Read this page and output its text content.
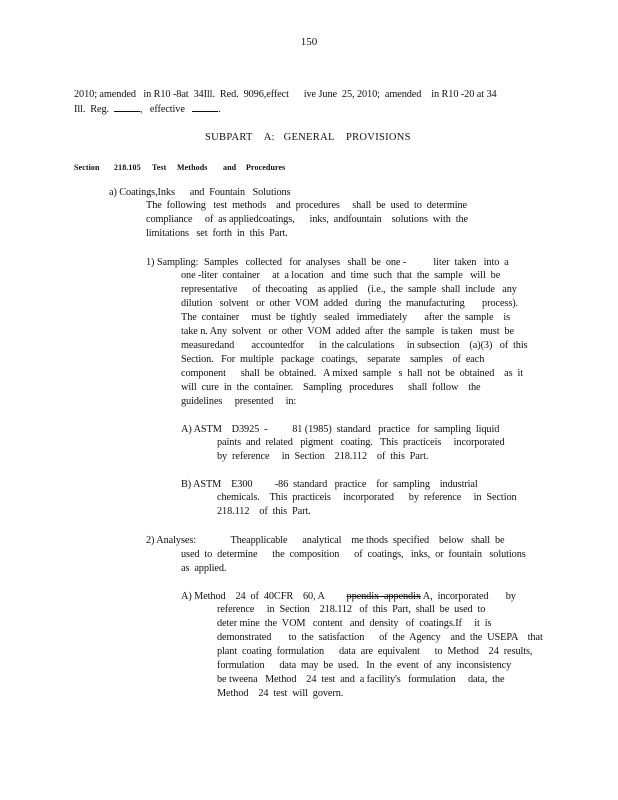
150
2010; amended   in R10 -8at  34Ill.  Red.  9096,effect      ive June  25, 2010;  amended    in R10 -20 at 34
Ill.  Reg.	,   effective	.
SUBPART    A:   GENERAL    PROVISIONS
Section 218.105 Test Methods and Procedures
a) Coatings,Inks      and  Fountain   Solutions
The  following   test  methods    and  procedures     shall  be  used  to  determine
compliance     of  as appliedcoatings,      inks,  andfountain    solutions  with  the
limitations   set  forth  in  this  Part.
1) Sampling: Samples   collected   for  analyses   shall  be  one -           liter  taken   into  a
one -liter  container     at  a location   and  time  such  that  the  sample   will  be
representative      of  thecoating    as applied    (i.e.,  the  sample  shall  include   any
dilution   solvent   or  other  VOM  added   during   the  manufacturing       process).
The  container     must  be  tightly   sealed   immediately       after  the  sample    is
take n. Any  solvent   or  other  VOM  added  after  the  sample   is taken   must  be
measuredand       accountedfor      in  the calculations     in subsection    (a)(3)   of  this
Section.   For  multiple   package   coatings,    separate    samples    of  each
component      shall  be  obtained.   A mixed  sample   s  hall  not  be  obtained    as  it
will  cure  in  the  container.    Sampling   procedures      shall  follow    the
guidelines     presented     in:
A) ASTM    D3925  -          81 (1985)  standard   practice   for  sampling  liquid
paints  and  related   pigment   coating.   This  practiceis     incorporated
by  reference     in  Section    218.112    of  this  Part.
B) ASTM    E300         -86  standard   practice    for  sampling    industrial
chemicals.    This  practiceis     incorporated      by  reference     in  Section
218.112    of  this  Part.
2) Analyses:              Theapplicable      analytical    me thods  specified    below   shall  be
used  to  determine      the  composition      of  coatings,   inks,  or  fountain   solutions
as  applied.
A) Method    24  of  40CFR    60, A ppendix  appendix A,  incorporated       by
reference     in  Section    218.112   of  this  Part,  shall  be  used  to
deter mine  the  VOM   content   and  density   of  coatings.If     it  is
demonstrated       to  the  satisfaction      of  the  Agency    and  the  USEPA    that
plant  coating  formulation      data  are  equivalent      to  Method    24  results,
formulation      data  may  be  used.   In  the  event  of  any  inconsistency
be tweena   Method    24  test  and  a facility's   formulation     data,  the
Method    24  test  will  govern.
